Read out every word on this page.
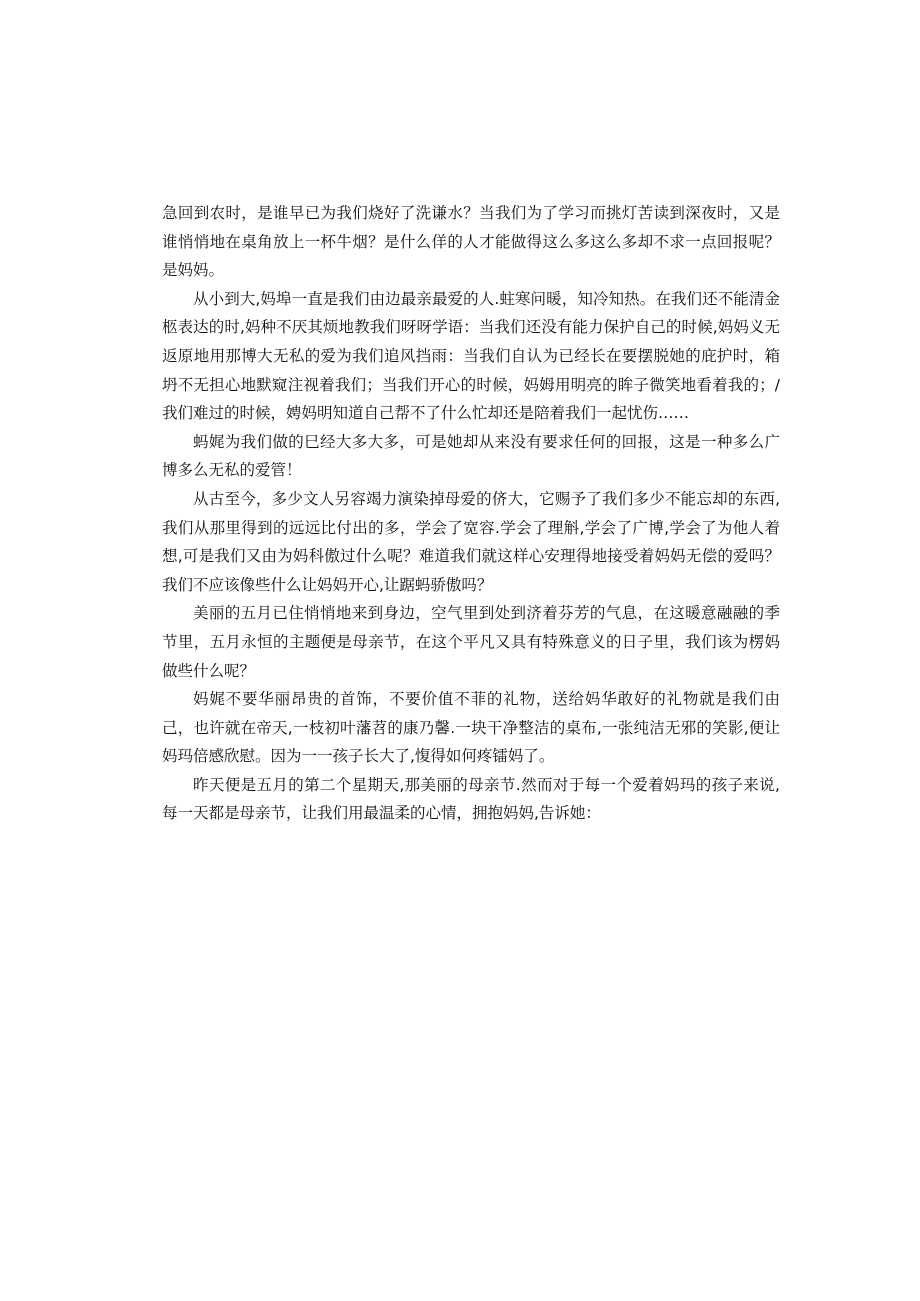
急回到农时，是谁早已为我们烧好了洗谦水？当我们为了学习而挑灯苦读到深夜时，又是谁悄悄地在桌角放上一杯牛烟？是什么佯的人才能做得这么多这么多却不求一点回报呢？是妈妈。

从小到大,妈埠一直是我们由边最亲最爱的人.蛀寒问暖，知冷知热。在我们还不能清金柩表达的时,妈种不厌其烦地教我们呀呀学语：当我们还没有能力保护自己的时候,妈妈义无返原地用那博大无私的爱为我们追风挡雨：当我们自认为已经长在要摆脱她的庇护时，箱坍不无担心地默窥注视着我们；当我们开心的时候，妈姆用明亮的眸子微笑地看着我的；/我们难过的时候，娉妈明知道自己帮不了什么忙却还是陪着我们一起忧伤……

蚂娓为我们做的巳经大多大多，可是她却从来没有要求任何的回报，这是一种多么广博多么无私的爱管！

从古至今，多少文人另容竭力演染掉母爱的侪大，它赐予了我们多少不能忘却的东西,我们从那里得到的远远比付出的多，学会了宽容.学会了理斛,学会了广博,学会了为他人着想,可是我们又由为妈科傲过什么呢？难道我们就这样心安理得地接受着妈妈无偿的爱吗？我们不应该像些什么让妈妈开心,让踞蚂骄傲吗？

美丽的五月已住悄悄地来到身边，空气里到处到济着芬芳的气息，在这暖意融融的季节里，五月永恒的主题便是母亲节，在这个平凡又具有特殊意义的日子里，我们该为楞妈做些什么呢？

妈娓不要华丽昂贵的首饰，不要价值不菲的礼物，送给妈华敢好的礼物就是我们由己，也许就在帝天,一枝初叶藩苕的康乃馨.一块干净整洁的桌布,一张纯洁无邪的笑影,便让妈玛倍感欣慰。因为一一孩子长大了,愎得如何疼镭妈了。

昨天便是五月的第二个星期天,那美丽的母亲节.然而对于每一个爱着妈玛的孩子来说,每一天都是母亲节，让我们用最温柔的心情，拥抱妈妈,告诉她：
